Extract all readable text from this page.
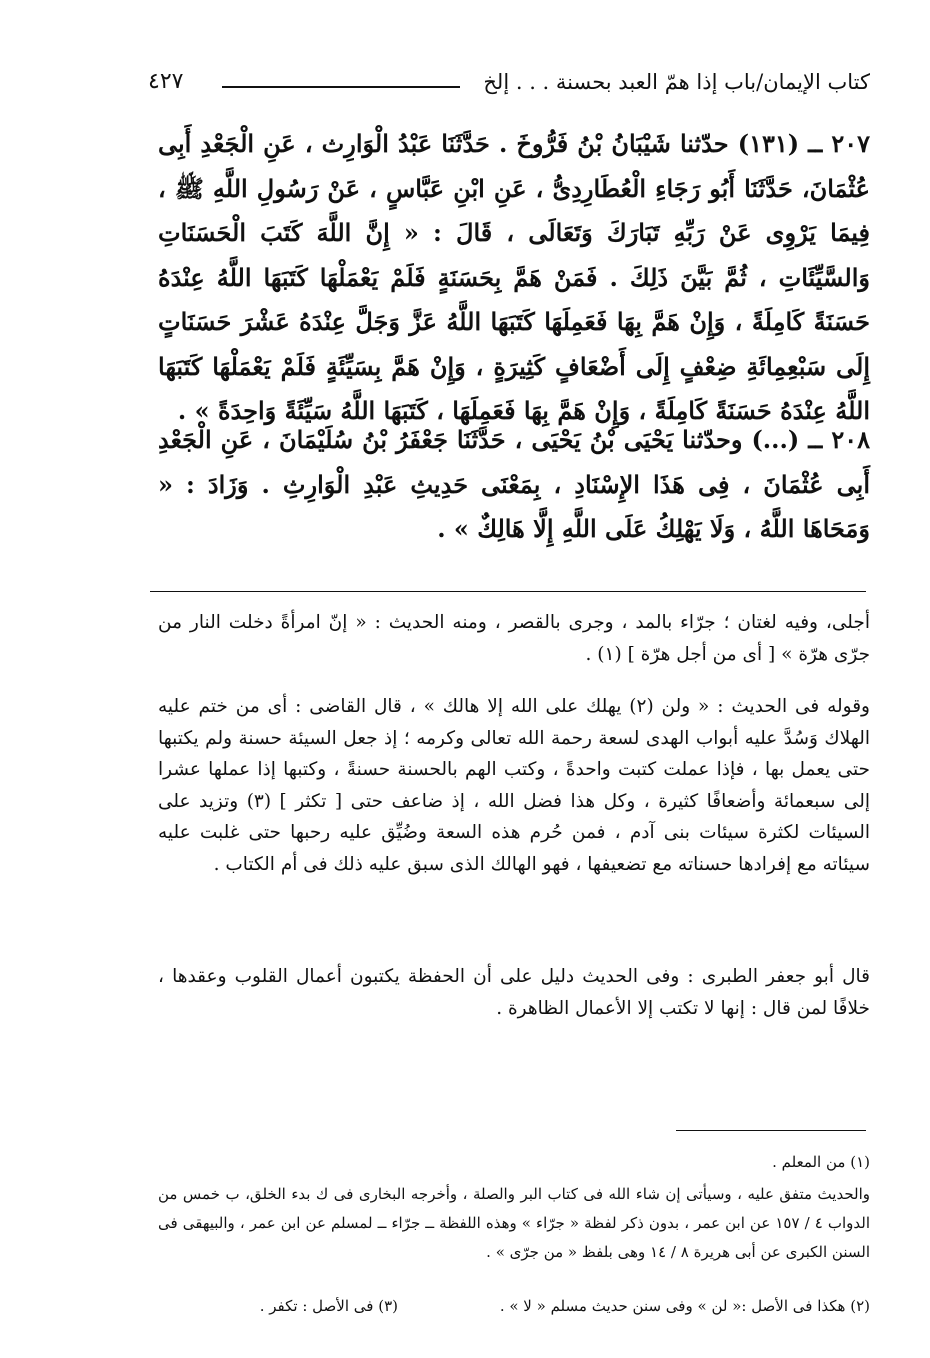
كتاب الإيمان/باب إذا همّ العبد بحسنة . . . إلخ
٤٢٧
٢٠٧ ــ (١٣١) حدّثنا شَيْبَانُ بْنُ فَرُّوخَ . حَدَّثَنَا عَبْدُ الْوَارِث ، عَنِ الْجَعْدِ أَبِى عُثْمَانَ، حَدَّثَنَا أَبُو رَجَاءِ الْعُطَارِدِىُّ ، عَنِ ابْنِ عَبَّاسٍ ، عَنْ رَسُولِ اللَّهِ ﷺ ، فِيمَا يَرْوِى عَنْ رَبِّهِ تَبَارَكَ وَتَعَالَى ، قَالَ : « إِنَّ اللَّهَ كَتَبَ الْحَسَنَاتِ وَالسَّيِّئَاتِ ، ثُمَّ بَيَّنَ ذَلِكَ . فَمَنْ هَمَّ بِحَسَنَةٍ فَلَمْ يَعْمَلْهَا كَتَبَهَا اللَّهُ عِنْدَهُ حَسَنَةً كَامِلَةً ، وَإِنْ هَمَّ بِهَا فَعَمِلَهَا كَتَبَهَا اللَّهُ عَزَّ وَجَلَّ عِنْدَهُ عَشْرَ حَسَنَاتٍ إِلَى سَبْعِمِائَةِ ضِعْفٍ إِلَى أَضْعَافٍ كَثِيرَةٍ ، وَإِنْ هَمَّ بِسَيِّئَةٍ فَلَمْ يَعْمَلْهَا كَتَبَهَا اللَّهُ عِنْدَهُ حَسَنَةً كَامِلَةً ، وَإِنْ هَمَّ بِهَا فَعَمِلَهَا ، كَتَبَهَا اللَّهُ سَيِّئَةً وَاحِدَةً » .
٢٠٨ ــ (...) وحدّثنا يَحْيَى بْنُ يَحْيَى ، حَدَّثَنَا جَعْفَرُ بْنُ سُلَيْمَانَ ، عَنِ الْجَعْدِ أَبِى عُثْمَانَ ، فِى هَذَا الإِسْنَادِ ، بِمَعْنَى حَدِيثِ عَبْدِ الْوَارِثِ . وَزَادَ : « وَمَحَاهَا اللَّهُ ، وَلَا يَهْلِكُ عَلَى اللَّهِ إِلَّا هَالِكٌ » .
أجلى، وفيه لغتان ؛ جرّاء بالمد ، وجرى بالقصر ، ومنه الحديث : « إنّ امرأةً دخلت النار من جرّى هرّة » [ أى من أجل هرّة ] (١) .
وقوله فى الحديث : « ولن (٢) يهلك على الله إلا هالك » ، قال القاضى : أى من ختم عليه الهلاك وَسُدَّ عليه أبواب الهدى لسعة رحمة الله تعالى وكرمه ؛ إذ جعل السيئة حسنة ولم يكتبها حتى يعمل بها ، فإذا عملت كتبت واحدةً ، وكتب الهم بالحسنة حسنةً ، وكتبها إذا عملها عشرا إلى سبعمائة وأضعافًا كثيرة ، وكل هذا فضل الله ، إذ ضاعف حتى [ تكثر ] (٣) وتزيد على السيئات لكثرة سيئات بنى آدم ، فمن حُرم هذه السعة وضُيِّق عليه رحبها حتى غلبت عليه سيئاته مع إفرادها حسناته مع تضعيفها ، فهو الهالك الذى سبق عليه ذلك فى أم الكتاب .
قال أبو جعفر الطبرى : وفى الحديث دليل على أن الحفظة يكتبون أعمال القلوب وعقدها ، خلافًا لمن قال : إنها لا تكتب إلا الأعمال الظاهرة .
(١) من المعلم .
والحديث متفق عليه ، وسيأتى إن شاء الله فى كتاب البر والصلة ، وأخرجه البخارى فى ك بدء الخلق، ب خمس من الدواب ٤ / ١٥٧ عن ابن عمر ، بدون ذكر لفظة « جرّاء » وهذه اللفظة ــ جرّاء ــ لمسلم عن ابن عمر ، والبيهقى فى السنن الكبرى عن أبى هريرة ٨ / ١٤ وهى بلفظ « من جرّى » .
(٢) هكذا فى الأصل :« لن » وفى سنن حديث مسلم « لا » .
(٣) فى الأصل : تكفر .
